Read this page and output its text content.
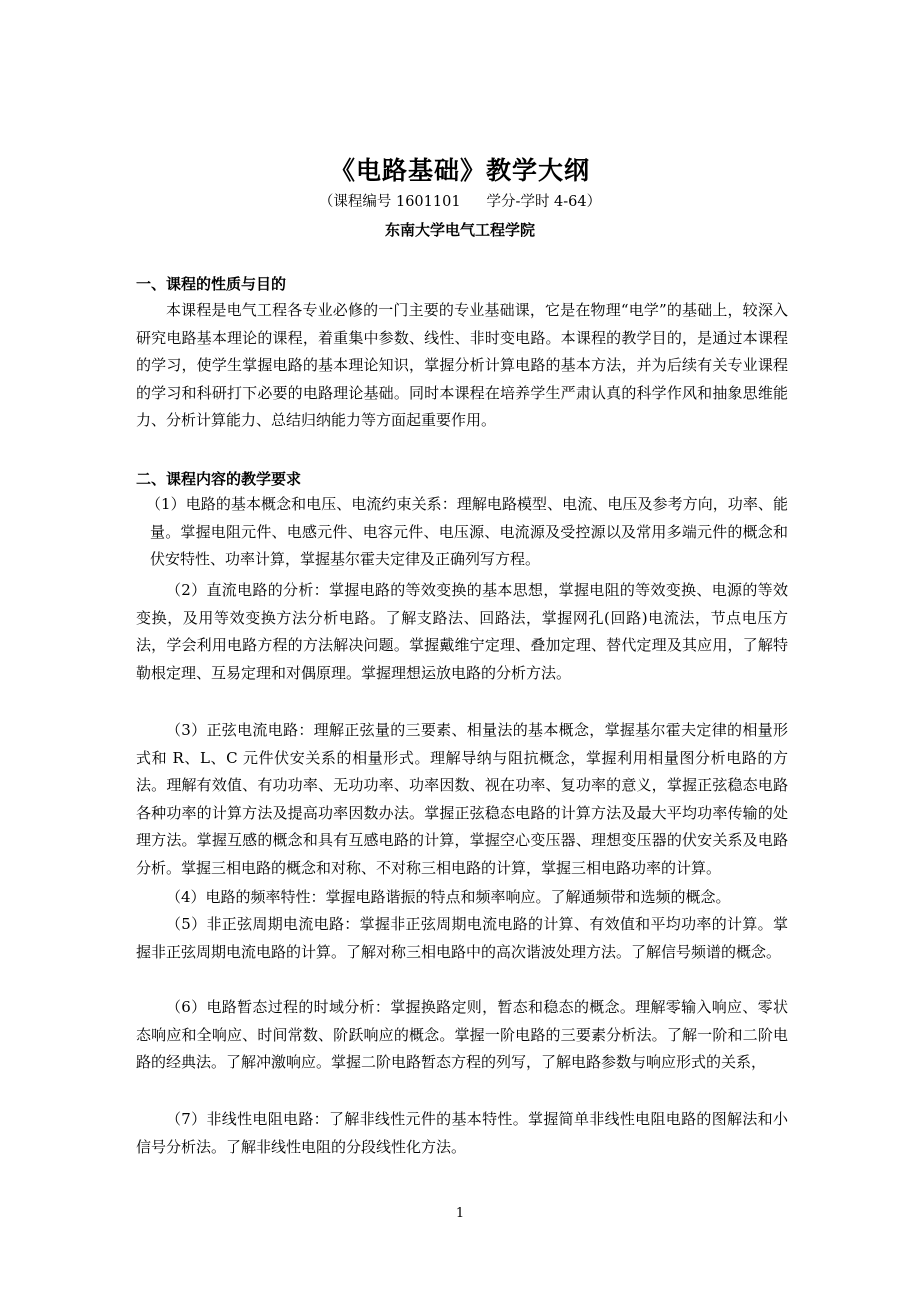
《电路基础》教学大纲
（课程编号 1601101 学分-学时 4-64）
东南大学电气工程学院
一、课程的性质与目的
本课程是电气工程各专业必修的一门主要的专业基础课，它是在物理“电学”的基础上，较深入研究电路基本理论的课程，着重集中参数、线性、非时变电路。本课程的教学目的，是通过本课程的学习，使学生掌握电路的基本理论知识，掌握分析计算电路的基本方法，并为后续有关专业课程的学习和科研打下必要的电路理论基础。同时本课程在培养学生严肃认真的科学作风和抽象思维能力、分析计算能力、总结归纳能力等方面起重要作用。
二、课程内容的教学要求
（1）电路的基本概念和电压、电流约束关系：理解电路模型、电流、电压及参考方向，功率、能量。掌握电阻元件、电感元件、电容元件、电压源、电流源及受控源以及常用多端元件的概念和伏安特性、功率计算，掌握基尔霍夫定律及正确列写方程。
（2）直流电路的分析：掌握电路的等效变换的基本思想，掌握电阻的等效变换、电源的等效变换，及用等效变换方法分析电路。了解支路法、回路法，掌握网孔(回路)电流法，节点电压方法，学会利用电路方程的方法解决问题。掌握戴维宁定理、叠加定理、替代定理及其应用，了解特勒根定理、互易定理和对偶原理。掌握理想运放电路的分析方法。
（3）正弦电流电路：理解正弦量的三要素、相量法的基本概念，掌握基尔霍夫定律的相量形式和 R、L、C 元件伏安关系的相量形式。理解导纳与阻抗概念，掌握利用相量图分析电路的方法。理解有效值、有功功率、无功功率、功率因数、视在功率、复功率的意义，掌握正弦稳态电路各种功率的计算方法及提高功率因数办法。掌握正弦稳态电路的计算方法及最大平均功率传输的处理方法。掌握互感的概念和具有互感电路的计算，掌握空心变压器、理想变压器的伏安关系及电路分析。掌握三相电路的概念和对称、不对称三相电路的计算，掌握三相电路功率的计算。
（4）电路的频率特性：掌握电路谐振的特点和频率响应。了解通频带和选频的概念。
（5）非正弦周期电流电路：掌握非正弦周期电流电路的计算、有效值和平均功率的计算。掌握非正弦周期电流电路的计算。了解对称三相电路中的高次谐波处理方法。了解信号频谱的概念。
（6）电路暂态过程的时域分析：掌握换路定则，暂态和稳态的概念。理解零输入响应、零状态响应和全响应、时间常数、阶跃响应的概念。掌握一阶电路的三要素分析法。了解一阶和二阶电路的经典法。了解冲激响应。掌握二阶电路暂态方程的列写，了解电路参数与响应形式的关系，
（7）非线性电阻电路：了解非线性元件的基本特性。掌握简单非线性电阻电路的图解法和小信号分析法。了解非线性电阻的分段线性化方法。
1
